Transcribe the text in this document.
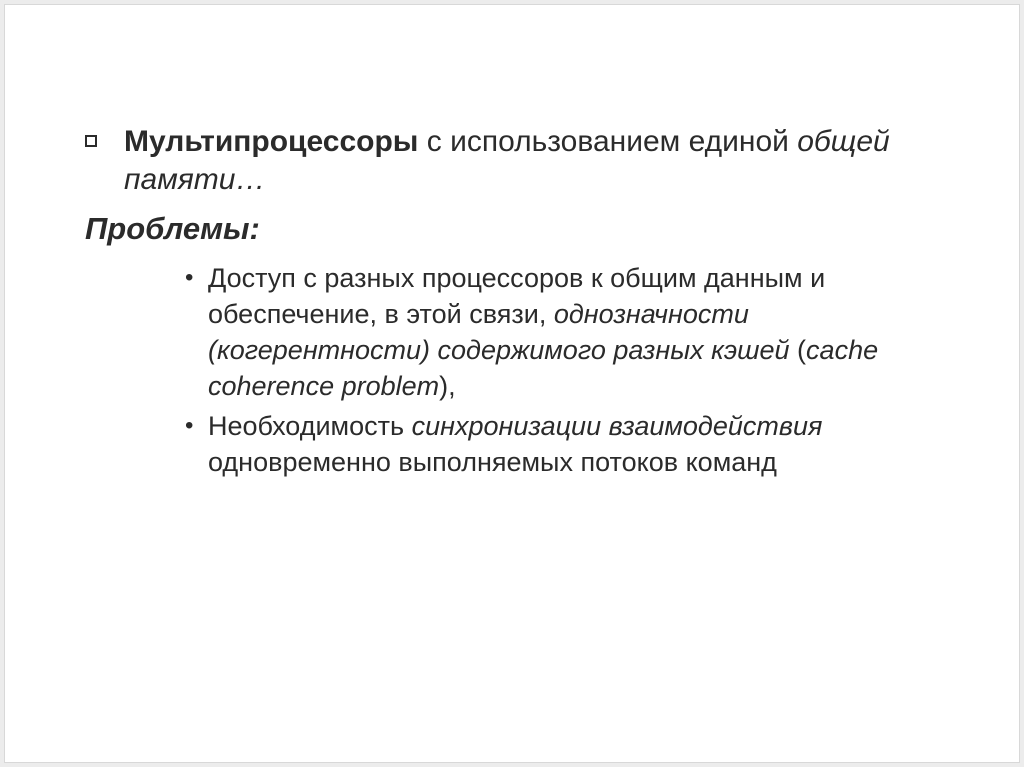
Мультипроцессоры с использованием единой общей памяти…
Проблемы:
• Доступ с разных процессоров к общим данным и обеспечение, в этой связи, однозначности (когерентности) содержимого разных кэшей (cache coherence problem),
• Необходимость синхронизации взаимодействия одновременно выполняемых потоков команд
